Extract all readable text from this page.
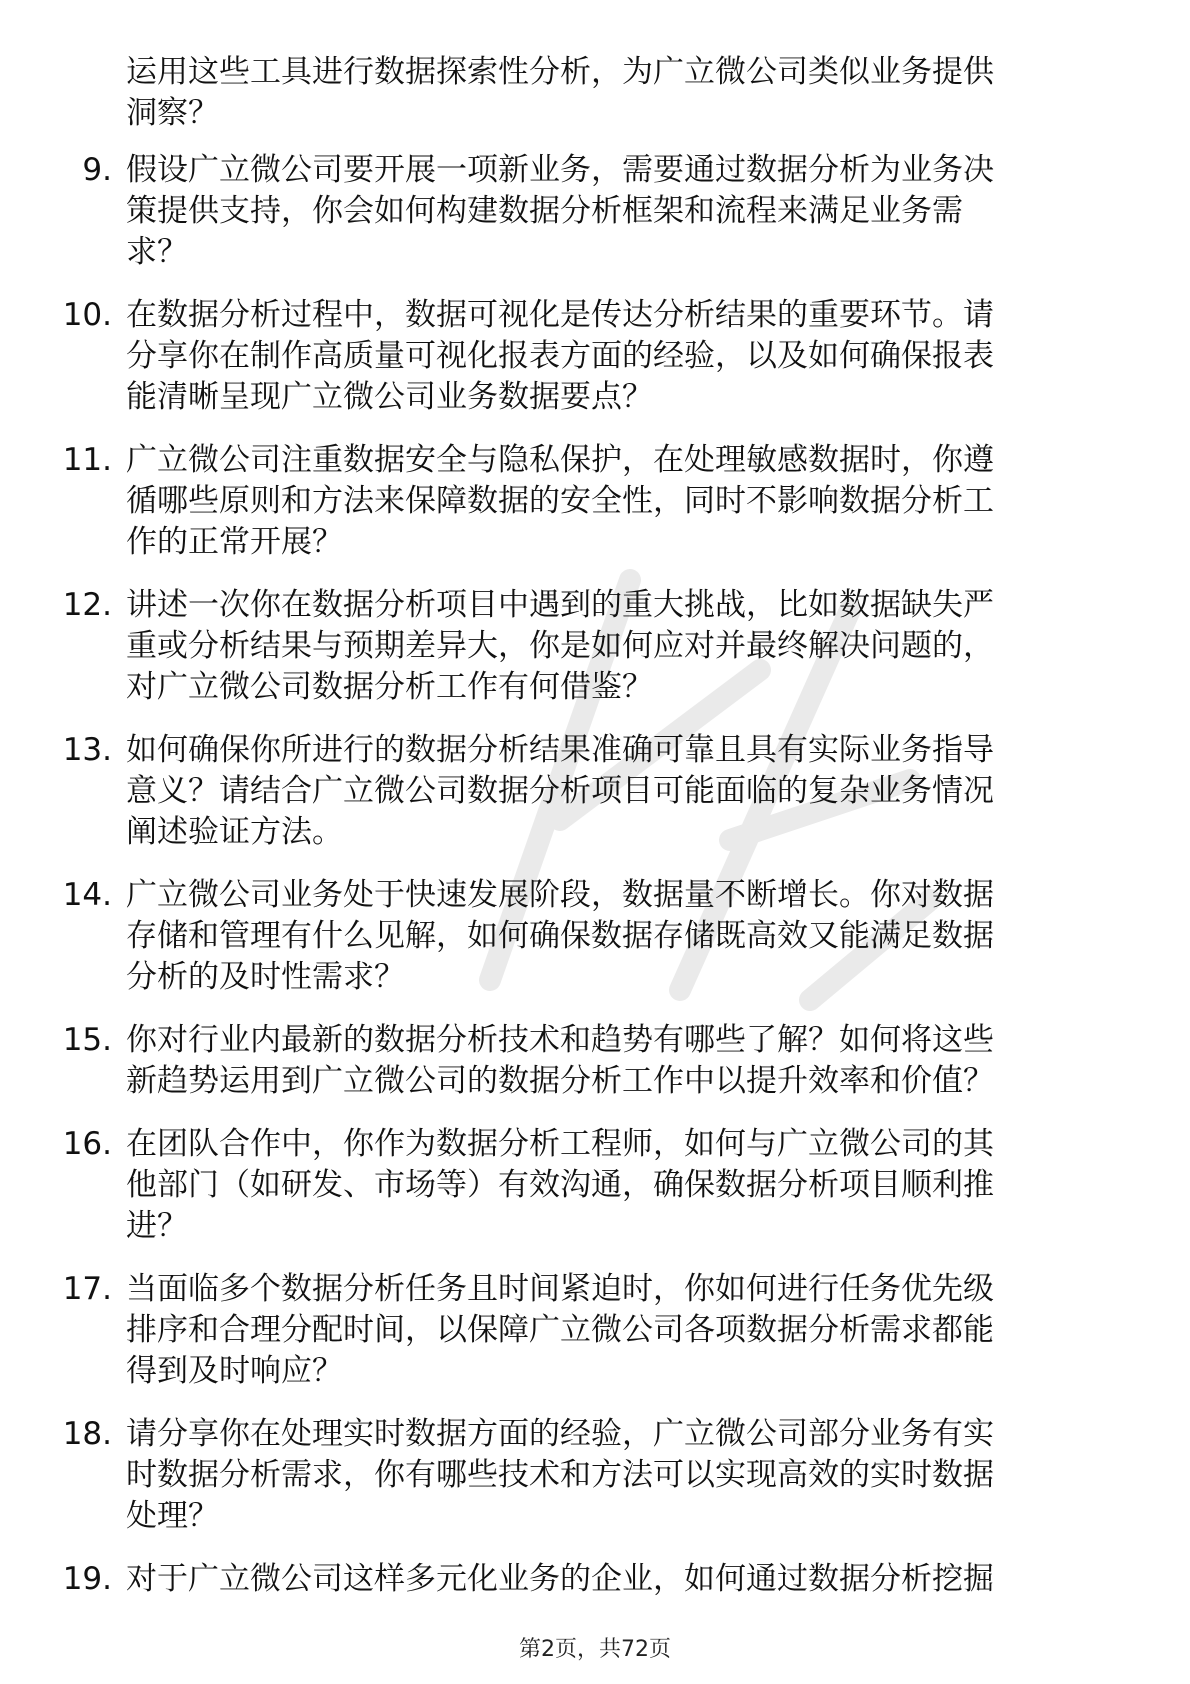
运用这些工具进行数据探索性分析，为广立微公司类似业务提供
洞察？

9. 假设广立微公司要开展一项新业务，需要通过数据分析为业务决
策提供支持，你会如何构建数据分析框架和流程来满足业务需
求？
10. 在数据分析过程中，数据可视化是传达分析结果的重要环节。请
分享你在制作高质量可视化报表方面的经验，以及如何确保报表
能清晰呈现广立微公司业务数据要点？
11. 广立微公司注重数据安全与隐私保护，在处理敏感数据时，你遵
循哪些原则和方法来保障数据的安全性，同时不影响数据分析工
作的正常开展？
12. 讲述一次你在数据分析项目中遇到的重大挑战，比如数据缺失严
重或分析结果与预期差异大，你是如何应对并最终解决问题的，
对广立微公司数据分析工作有何借鉴？
13. 如何确保你所进行的数据分析结果准确可靠且具有实际业务指导
意义？请结合广立微公司数据分析项目可能面临的复杂业务情况
阐述验证方法。
14. 广立微公司业务处于快速发展阶段，数据量不断增长。你对数据
存储和管理有什么见解，如何确保数据存储既高效又能满足数据
分析的及时性需求？
15. 你对行业内最新的数据分析技术和趋势有哪些了解？如何将这些
新趋势运用到广立微公司的数据分析工作中以提升效率和价值？
16. 在团队合作中，你作为数据分析工程师，如何与广立微公司的其
他部门（如研发、市场等）有效沟通，确保数据分析项目顺利推
进？
17. 当面临多个数据分析任务且时间紧迫时，你如何进行任务优先级
排序和合理分配时间，以保障广立微公司各项数据分析需求都能
得到及时响应？
18. 请分享你在处理实时数据方面的经验，广立微公司部分业务有实
时数据分析需求，你有哪些技术和方法可以实现高效的实时数据
处理？
19. 对于广立微公司这样多元化业务的企业，如何通过数据分析挖掘
第2页，共72页
